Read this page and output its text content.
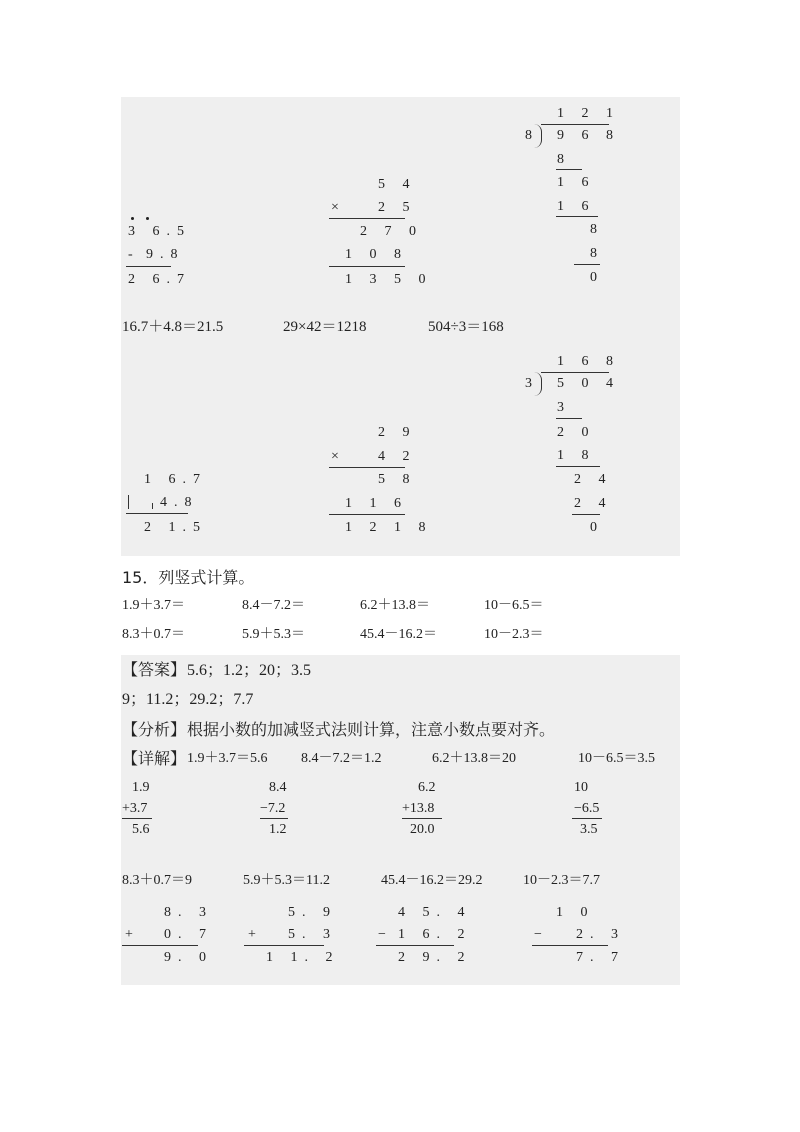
3 6.5
- 9.8
2 6.7
5 4
×	2 5
2 7 0
1 0 8
1 3 5 0
1 2 1
8 9 6 8
8
1 6
1 6
8
8
0
16.7＋4.8＝21.5	29×42＝1218	504÷3＝168
1 6.7
4.8
2 1.5
2 9
×	4 2
5 8
1 1 6
1 2 1 8
1 6 8
3 5 0 4
3
2 0
1 8
2 4
2 4
0
15．列竖式计算。
1.9＋3.7＝	8.4－7.2＝	6.2＋13.8＝	10－6.5＝
8.3＋0.7＝	5.9＋5.3＝	45.4－16.2＝	10－2.3＝
【答案】 5.6；1.2；20；3.5
9；11.2；29.2；7.7
【分析】 根据小数的加减竖式法则计算，注意小数点要对齐。
【详解】 1.9＋3.7＝5.6 8.4－7.2＝1.2	6.2＋13.8＝20	10－6.5＝3.5
1.9
+3.7
5.6
8.4
−7.2
1.2
6.2
+13.8
20.0
10
−6.5
3.5
8.3＋0.7＝9	5.9＋5.3＝11.2	45.4－16.2＝29.2	10－2.3＝7.7
8. 3
+ 0. 7
9. 0
5. 9
+ 5. 3
1 1. 2
4 5. 4
− 1 6. 2
2 9. 2
1 0
− 2. 3
7. 7
